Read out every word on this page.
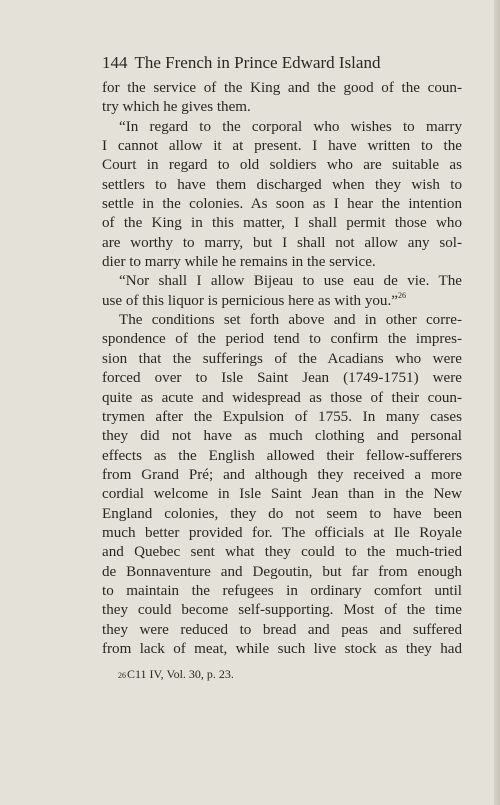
144 The French in Prince Edward Island
for the service of the King and the good of the coun-
try which he gives them.
“In regard to the corporal who wishes to marry
I cannot allow it at present. I have written to the
Court in regard to old soldiers who are suitable as
settlers to have them discharged when they wish to
settle in the colonies. As soon as I hear the intention
of the King in this matter, I shall permit those who
are worthy to marry, but I shall not allow any sol-
dier to marry while he remains in the service.
“Nor shall I allow Bijeau to use eau de vie. The
use of this liquor is pernicious here as with you.”$^{26}$
The conditions set forth above and in other corre-
spondence of the period tend to confirm the impres-
sion that the sufferings of the Acadians who were
forced over to Isle Saint Jean (1749-1751) were
quite as acute and widespread as those of their coun-
trymen after the Expulsion of 1755. In many cases
they did not have as much clothing and personal
effects as the English allowed their fellow-sufferers
from Grand Pré; and although they received a more
cordial welcome in Isle Saint Jean than in the New
England colonies, they do not seem to have been
much better provided for. The officials at Ile Royale
and Quebec sent what they could to the much-tried
de Bonnaventure and Degoutin, but far from enough
to maintain the refugees in ordinary comfort until
they could become self-supporting. Most of the time
they were reduced to bread and peas and suffered
from lack of meat, while such live stock as they had
26C11 IV, Vol. 30, p. 23.
